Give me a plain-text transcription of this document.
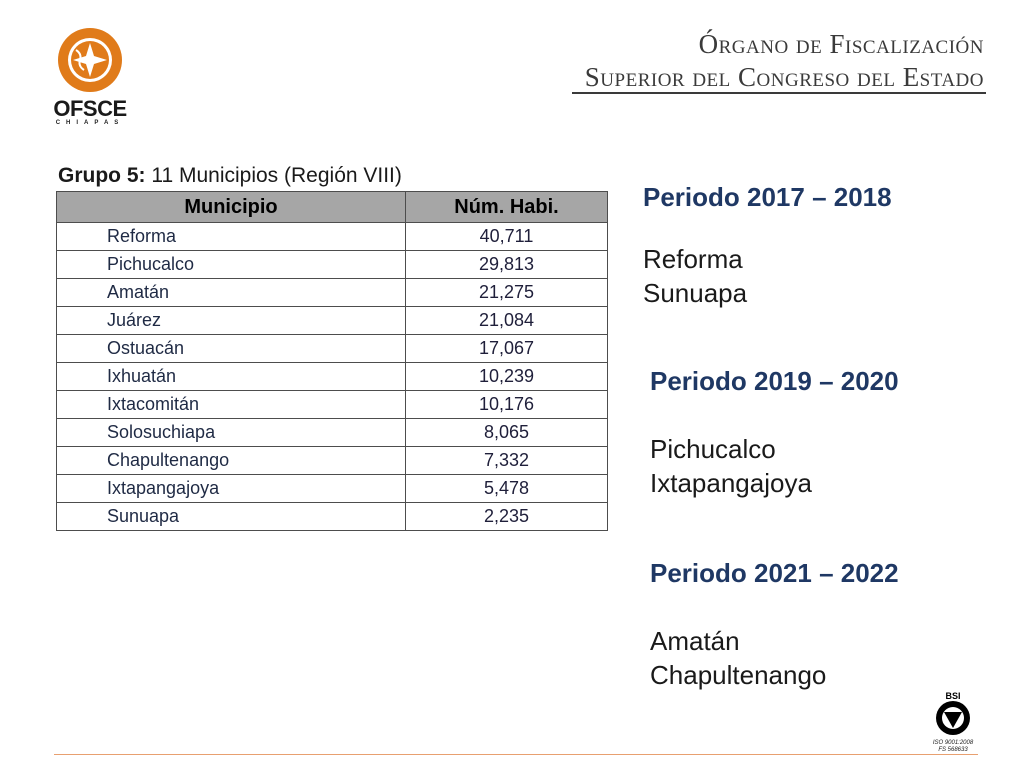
OFSCE
CHIAPAS
Órgano de Fiscalización
Superior del Congreso del Estado
Grupo 5: 11 Municipios (Región VIII)
Municipio	Núm. Habi.
Reforma	40,711
Pichucalco	29,813
Amatán	21,275
Juárez	21,084
Ostuacán	17,067
Ixhuatán	10,239
Ixtacomitán	10,176
Solosuchiapa	8,065
Chapultenango	7,332
Ixtapangajoya	5,478
Sunuapa	2,235
Periodo 2017 – 2018
Reforma
Sunuapa
Periodo 2019 – 2020
Pichucalco
Ixtapangajoya
Periodo 2021 – 2022
Amatán
Chapultenango
BSI
ISO 9001:2008
FS 568633
